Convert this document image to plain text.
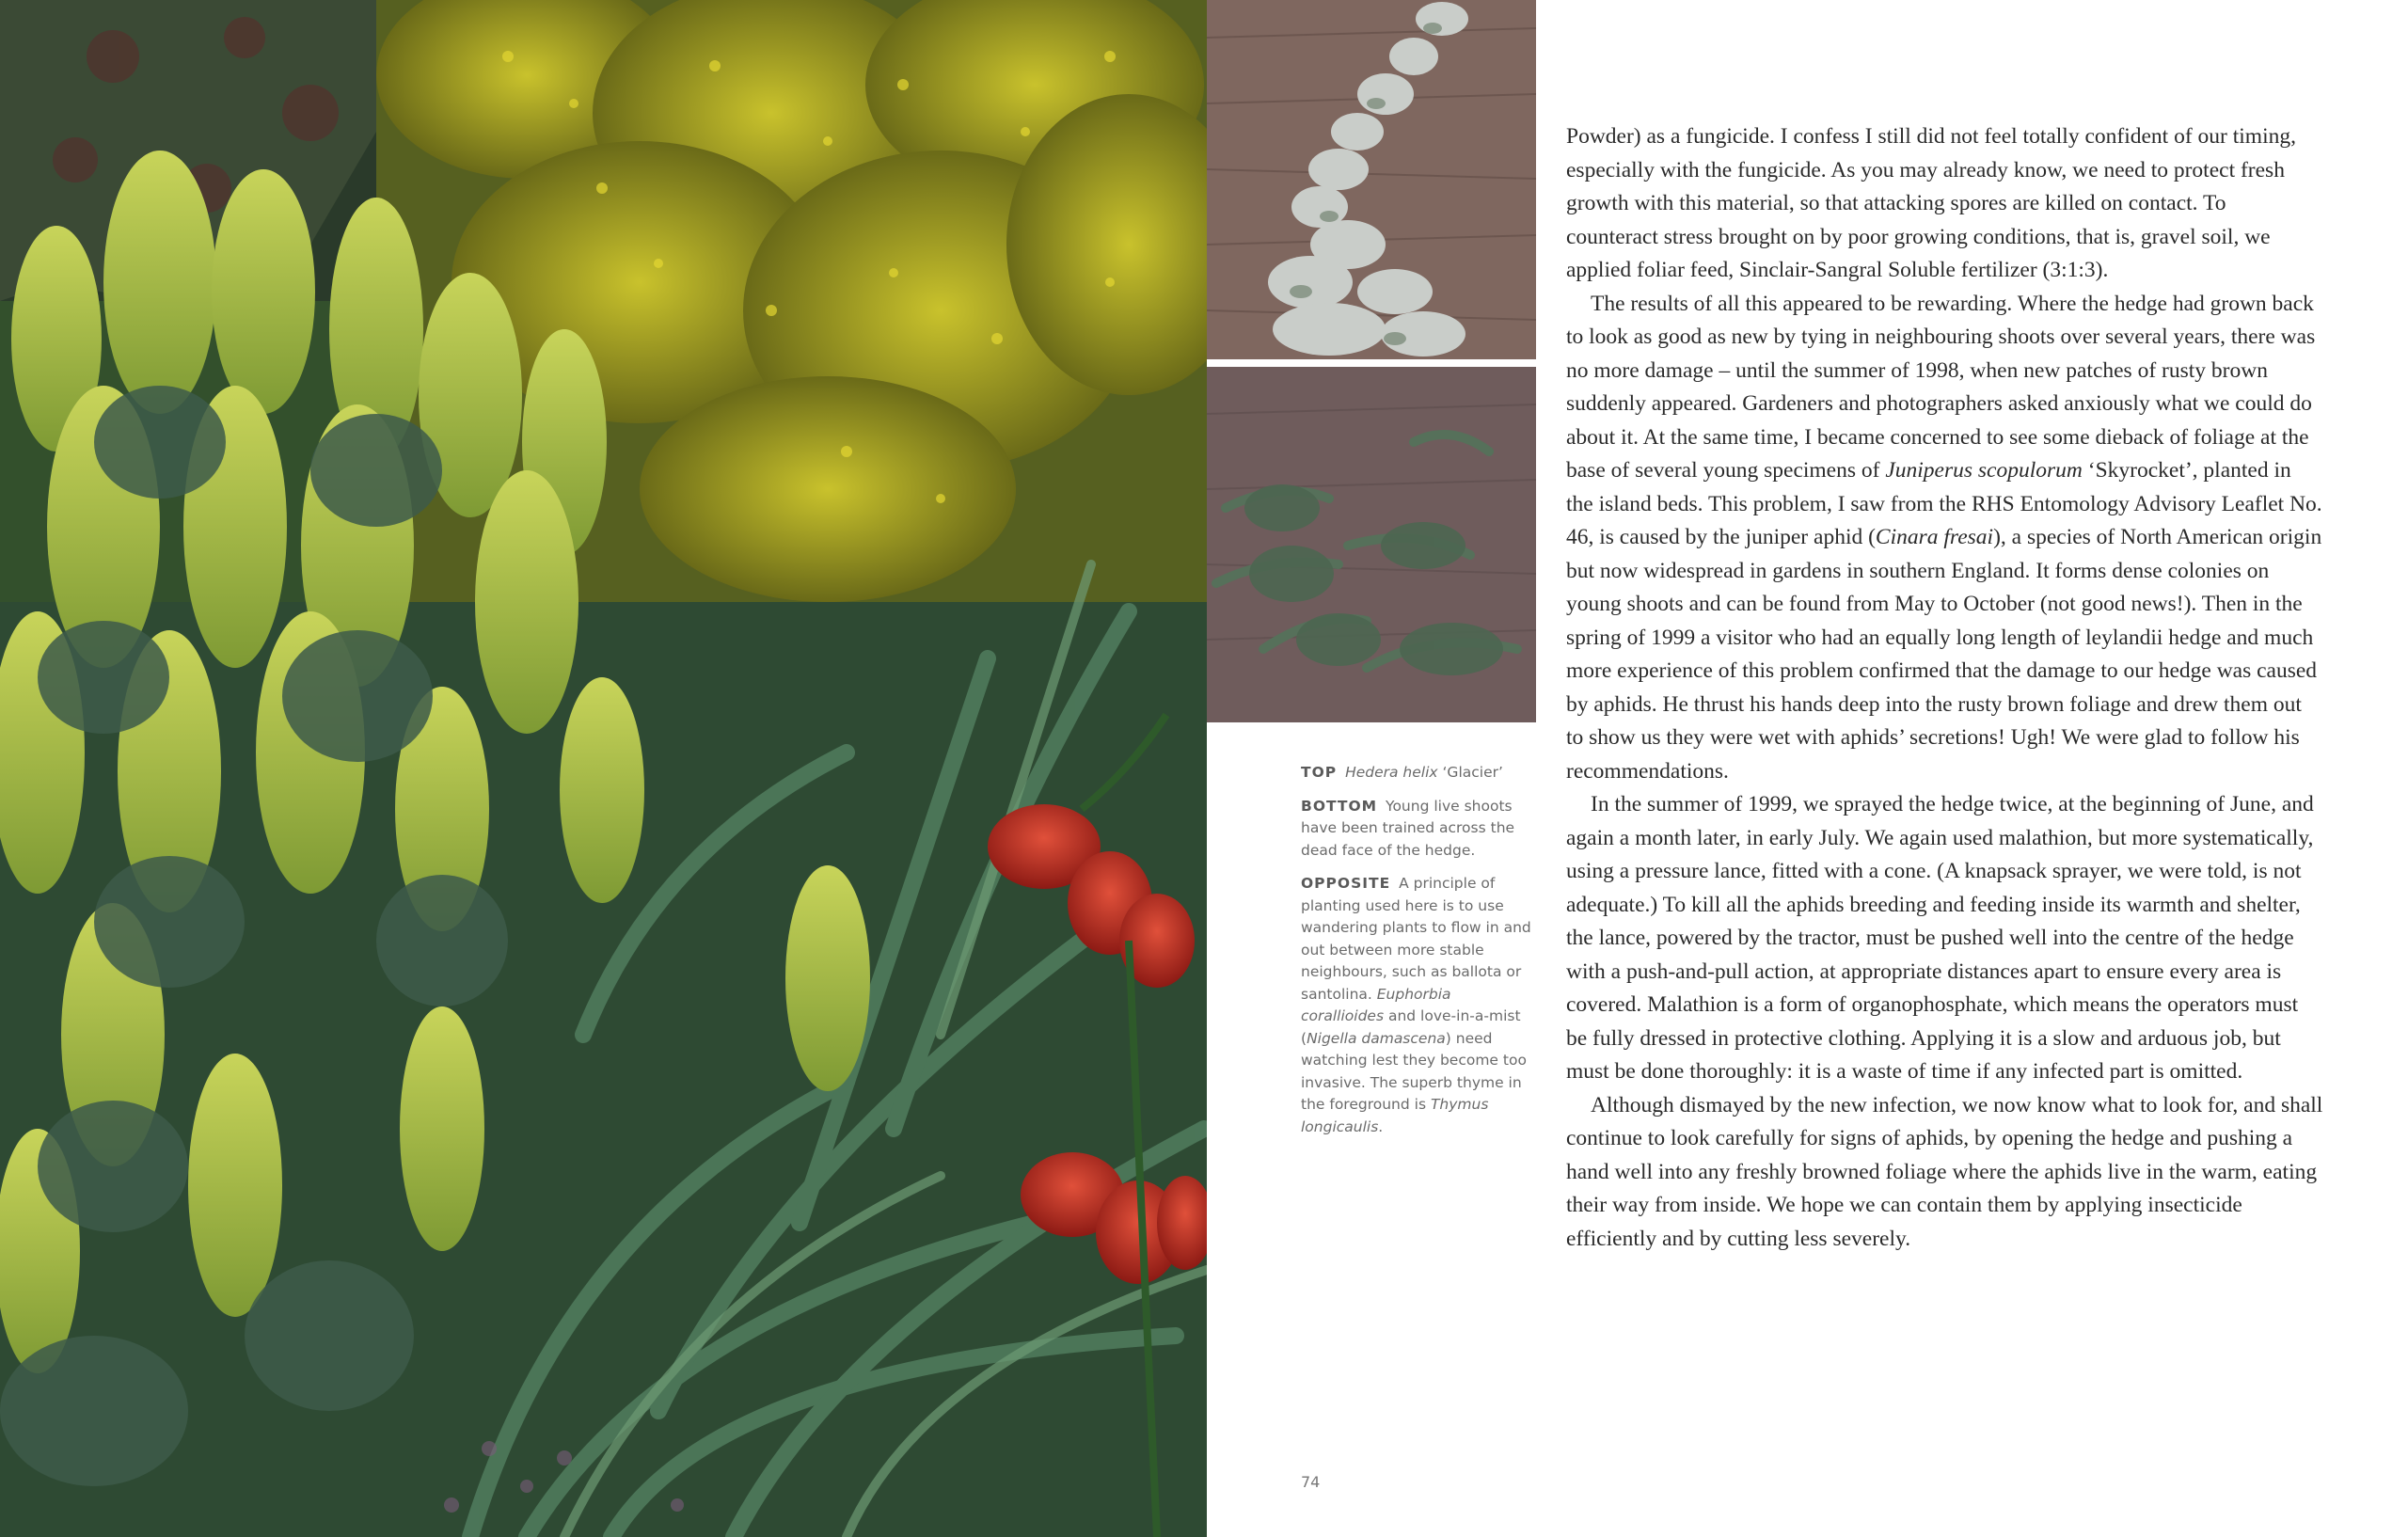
TOP Hedera helix ‘Glacier’

BOTTOM Young live shoots have been trained across the dead face of the hedge.

OPPOSITE A principle of planting used here is to use wandering plants to flow in and out between more stable neighbours, such as ballota or santolina. Euphorbia corallioides and love-in-a-mist (Nigella damascena) need watching lest they become too invasive. The superb thyme in the foreground is Thymus longicaulis.

Powder) as a fungicide. I confess I still did not feel totally confident of our timing, especially with the fungicide. As you may already know, we need to protect fresh growth with this material, so that attacking spores are killed on contact. To counteract stress brought on by poor growing conditions, that is, gravel soil, we applied foliar feed, Sinclair-Sangral Soluble fertilizer (3:1:3).

The results of all this appeared to be rewarding. Where the hedge had grown back to look as good as new by tying in neighbouring shoots over several years, there was no more damage – until the summer of 1998, when new patches of rusty brown suddenly appeared. Gardeners and photographers asked anxiously what we could do about it. At the same time, I became concerned to see some dieback of foliage at the base of several young specimens of Juniperus scopulorum ‘Skyrocket’, planted in the island beds. This problem, I saw from the RHS Entomology Advisory Leaflet No. 46, is caused by the juniper aphid (Cinara fresai), a species of North American origin but now widespread in gardens in southern England. It forms dense colonies on young shoots and can be found from May to October (not good news!). Then in the spring of 1999 a visitor who had an equally long length of leylandii hedge and much more experience of this problem confirmed that the damage to our hedge was caused by aphids. He thrust his hands deep into the rusty brown foliage and drew them out to show us they were wet with aphids’ secretions! Ugh! We were glad to follow his recommendations.

In the summer of 1999, we sprayed the hedge twice, at the beginning of June, and again a month later, in early July. We again used malathion, but more systematically, using a pressure lance, fitted with a cone. (A knapsack sprayer, we were told, is not adequate.) To kill all the aphids breeding and feeding inside its warmth and shelter, the lance, powered by the tractor, must be pushed well into the centre of the hedge with a push-and-pull action, at appropriate distances apart to ensure every area is covered. Malathion is a form of organophosphate, which means the operators must be fully dressed in protective clothing. Applying it is a slow and arduous job, but must be done thoroughly: it is a waste of time if any infected part is omitted.

Although dismayed by the new infection, we now know what to look for, and shall continue to look carefully for signs of aphids, by opening the hedge and pushing a hand well into any freshly browned foliage where the aphids live in the warm, eating their way from inside. We hope we can contain them by applying insecticide efficiently and by cutting less severely.

74
